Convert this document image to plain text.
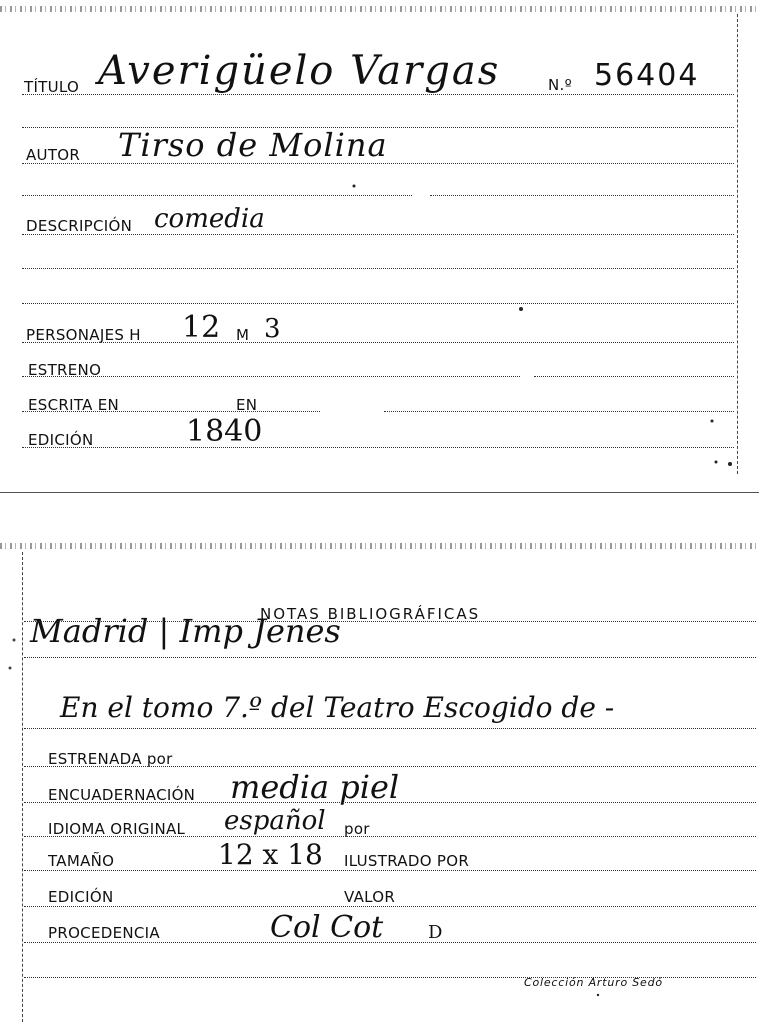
TÍTULO Averigüelo Vargas	N.º 56404
AUTOR Tirso de Molina
DESCRIPCIÓN comedia
PERSONAJES H 12 M 3
ESTRENO
ESCRITA EN	EN
EDICIÓN	1840
NOTAS BIBLIOGRÁFICAS
Madrid | Imp Jenes
En el tomo 7.º del Teatro Escogido de -
ESTRENADA por
ENCUADERNACIÓN media piel
IDIOMA ORIGINAL español por
TAMAÑO	12 x 18 ILUSTRADO POR
EDICIÓN	VALOR
PROCEDENCIA	Col Cot D
Colección Arturo Sedó
